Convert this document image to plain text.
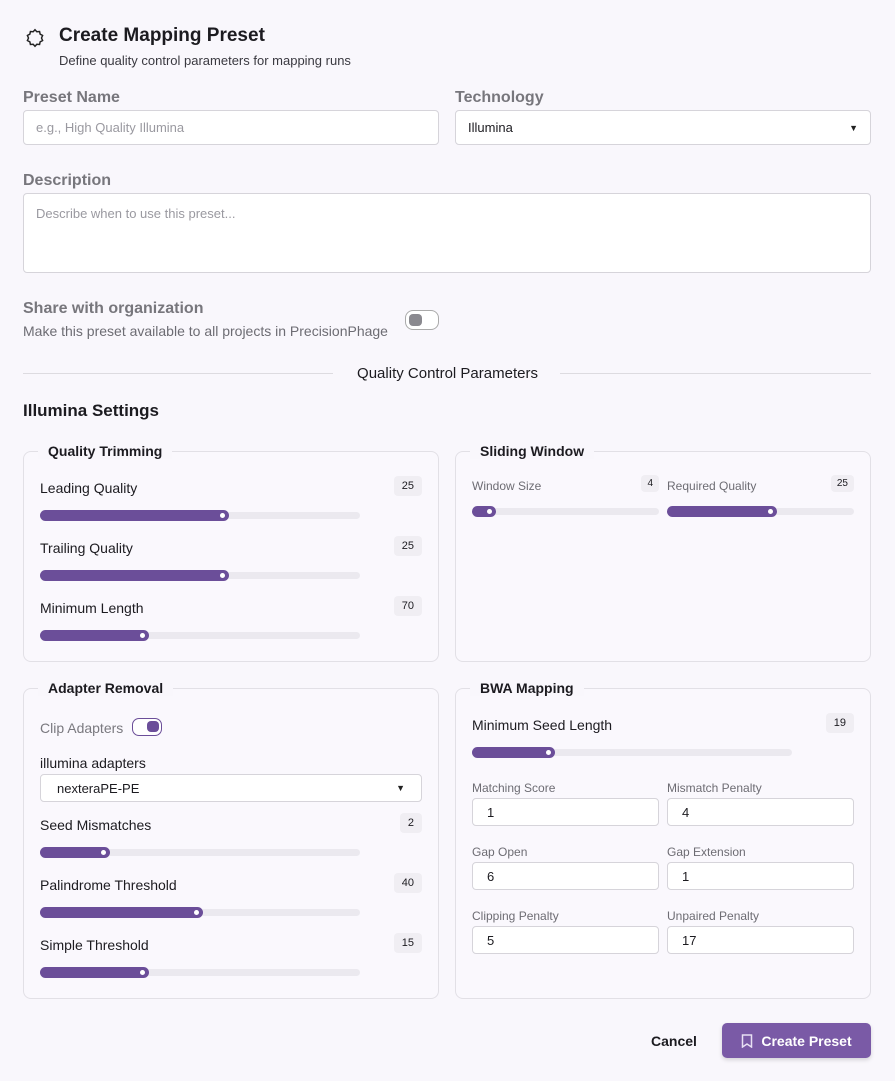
Create Mapping Preset
Define quality control parameters for mapping runs
Preset Name
e.g., High Quality Illumina
Technology
Illumina	▼
Description
Describe when to use this preset...
Share with organization
Make this preset available to all projects in PrecisionPhage
Quality Control Parameters
Illumina Settings
Quality Trimming
Leading Quality	25
Trailing Quality	25
Minimum Length	70
Sliding Window
Window Size	4	Required Quality	25
Adapter Removal
Clip Adapters
illumina adapters
nexteraPE-PE	▼
Seed Mismatches	2
Palindrome Threshold	40
Simple Threshold	15
BWA Mapping
Minimum Seed Length	19
Matching Score
1
Mismatch Penalty
4
Gap Open
6
Gap Extension
1
Clipping Penalty
5
Unpaired Penalty
17
Cancel	Create Preset
